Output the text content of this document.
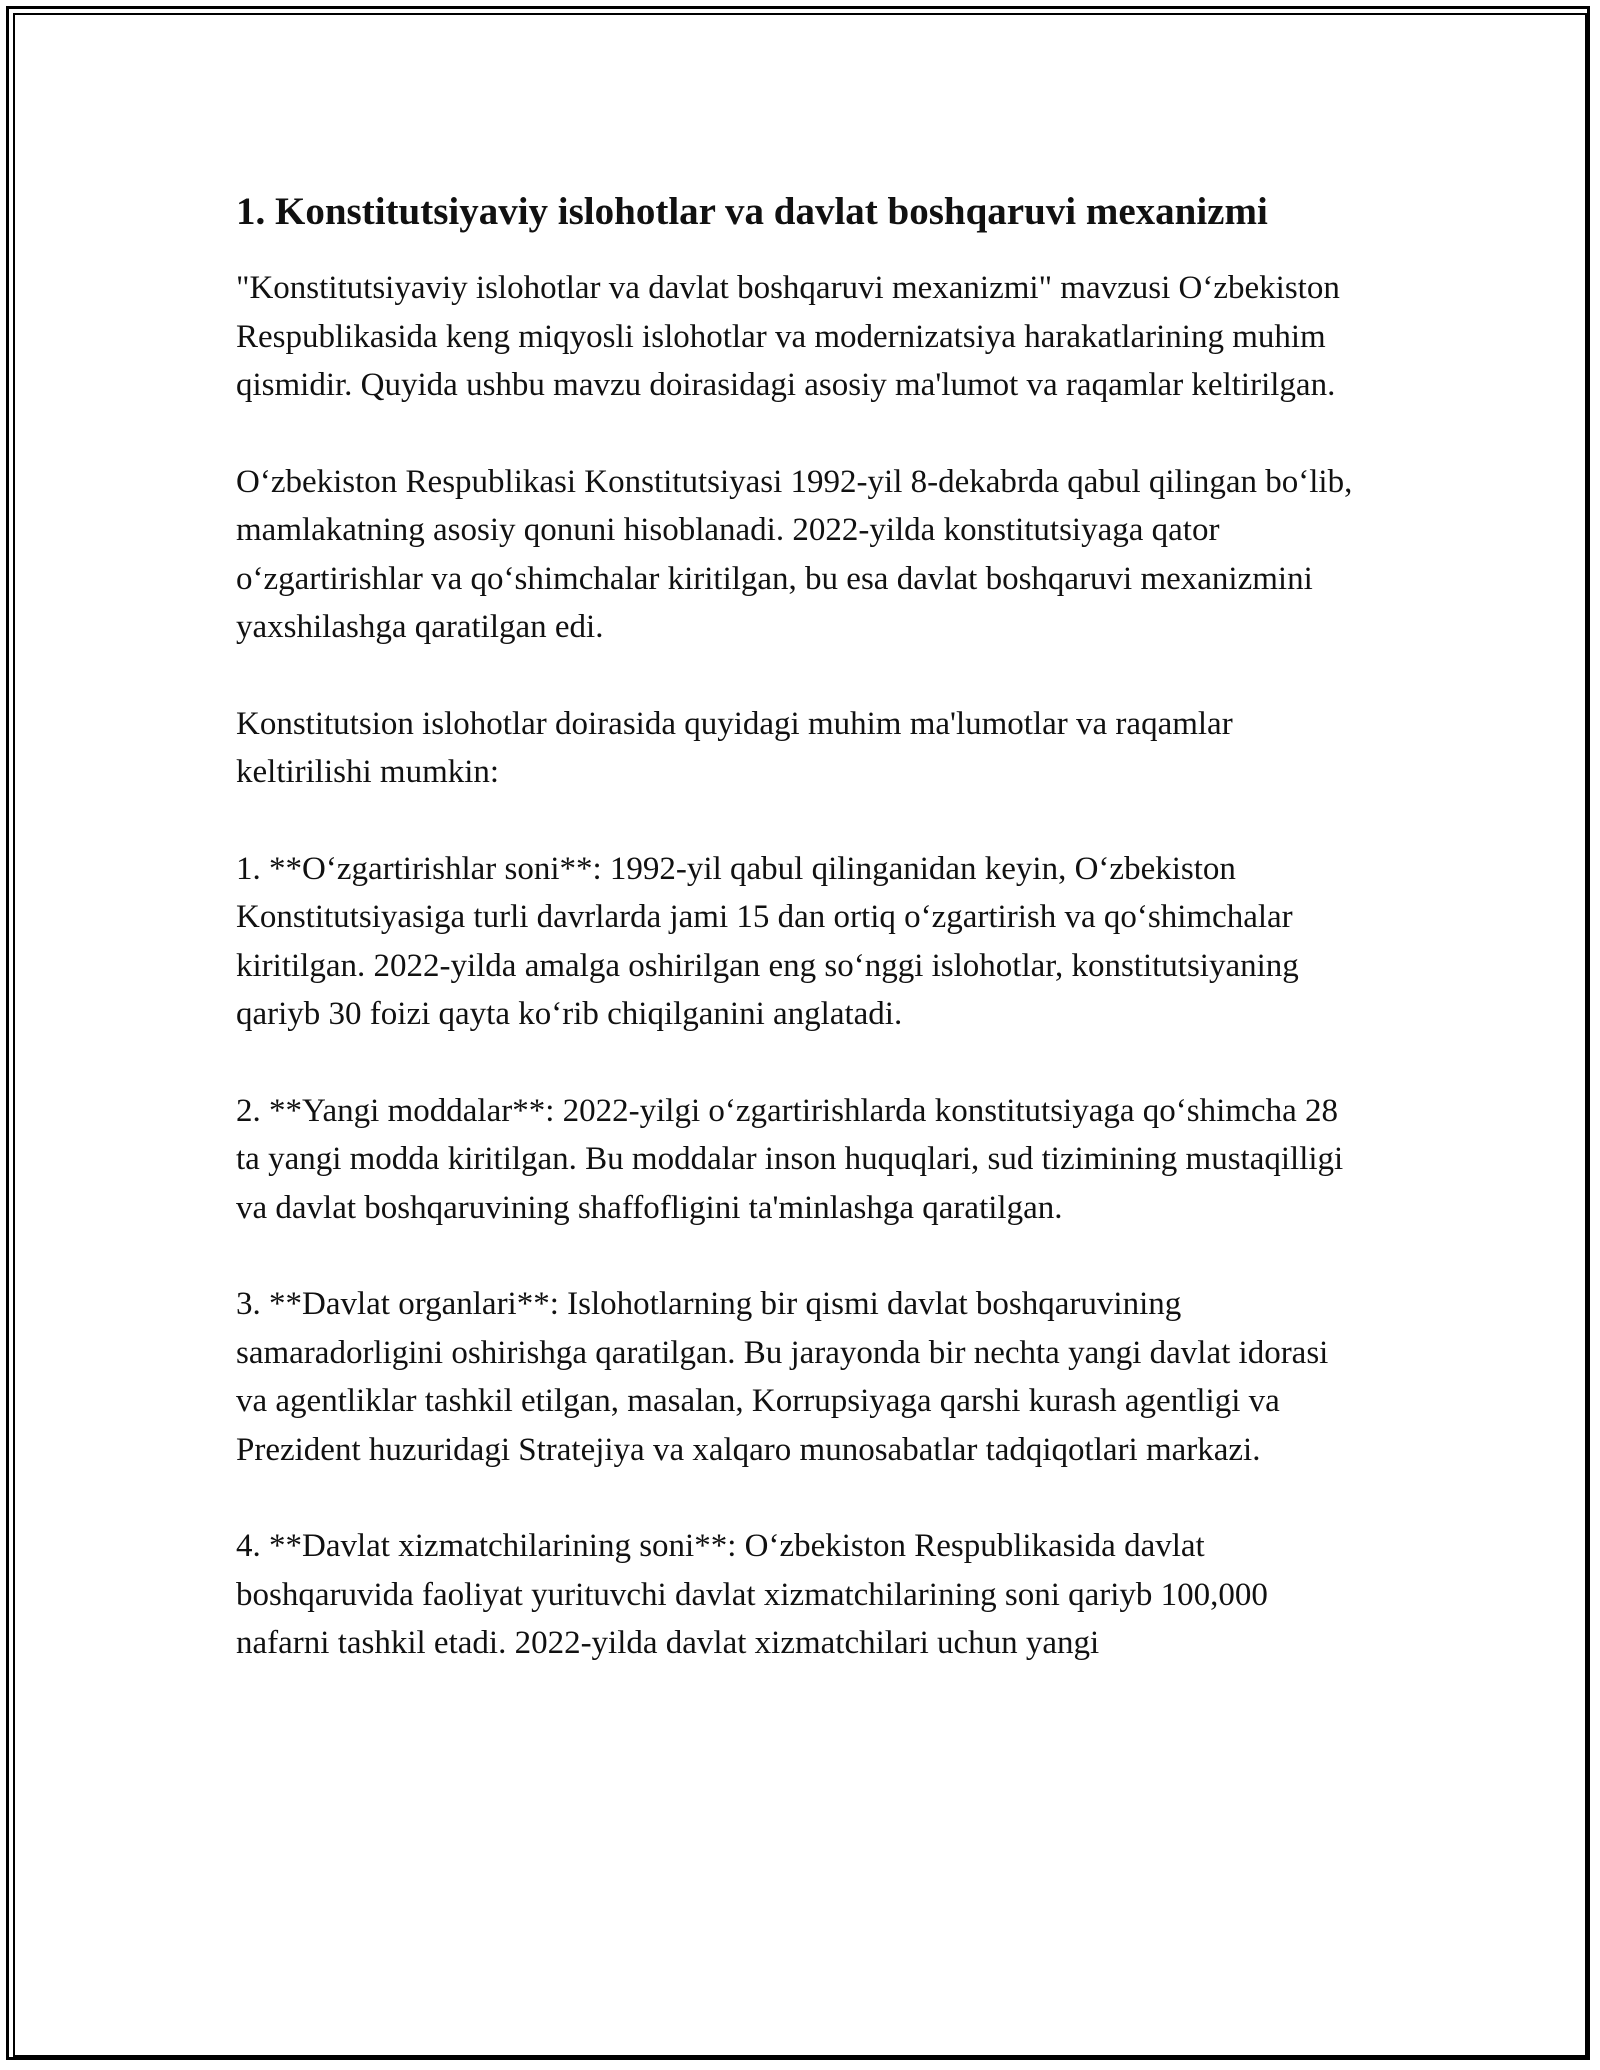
1. Konstitutsiyaviy islohotlar va davlat boshqaruvi mexanizmi

"Konstitutsiyaviy islohotlar va davlat boshqaruvi mexanizmi" mavzusi O‘zbekiston Respublikasida keng miqyosli islohotlar va modernizatsiya harakatlarining muhim qismidir. Quyida ushbu mavzu doirasidagi asosiy ma'lumot va raqamlar keltirilgan.

O‘zbekiston Respublikasi Konstitutsiyasi 1992-yil 8-dekabrda qabul qilingan bo‘lib, mamlakatning asosiy qonuni hisoblanadi. 2022-yilda konstitutsiyaga qator o‘zgartirishlar va qo‘shimchalar kiritilgan, bu esa davlat boshqaruvi mexanizmini yaxshilashga qaratilgan edi.

Konstitutsion islohotlar doirasida quyidagi muhim ma'lumotlar va raqamlar keltirilishi mumkin:

1. **O‘zgartirishlar soni**: 1992-yil qabul qilinganidan keyin, O‘zbekiston Konstitutsiyasiga turli davrlarda jami 15 dan ortiq o‘zgartirish va qo‘shimchalar kiritilgan. 2022-yilda amalga oshirilgan eng so‘nggi islohotlar, konstitutsiyaning qariyb 30 foizi qayta ko‘rib chiqilganini anglatadi.

2. **Yangi moddalar**: 2022-yilgi o‘zgartirishlarda konstitutsiyaga qo‘shimcha 28 ta yangi modda kiritilgan. Bu moddalar inson huquqlari, sud tizimining mustaqilligi va davlat boshqaruvining shaffofligini ta'minlashga qaratilgan.

3. **Davlat organlari**: Islohotlarning bir qismi davlat boshqaruvining samaradorligini oshirishga qaratilgan. Bu jarayonda bir nechta yangi davlat idorasi va agentliklar tashkil etilgan, masalan, Korrupsiyaga qarshi kurash agentligi va Prezident huzuridagi Stratejiya va xalqaro munosabatlar tadqiqotlari markazi.

4. **Davlat xizmatchilarining soni**: O‘zbekiston Respublikasida davlat boshqaruvida faoliyat yurituvchi davlat xizmatchilarining soni qariyb 100,000 nafarni tashkil etadi. 2022-yilda davlat xizmatchilari uchun yangi
